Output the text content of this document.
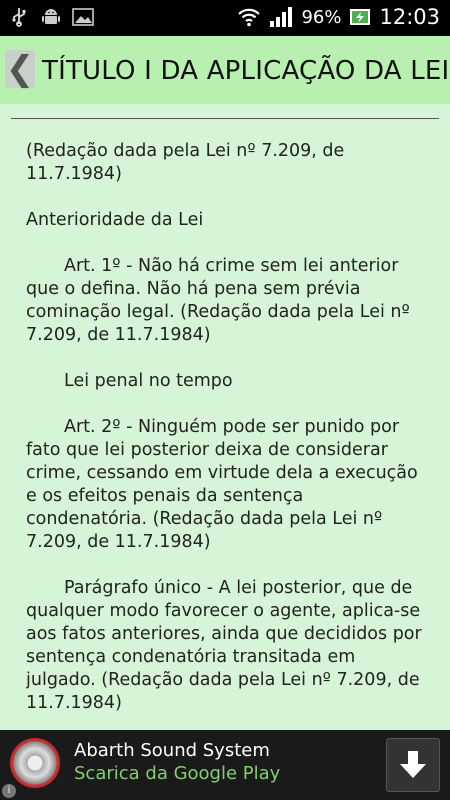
96% 12:03
❮ TÍTULO I DA APLICAÇÃO DA LEI

(Redação dada pela Lei nº 7.209, de 11.7.1984)

Anterioridade da Lei

Art. 1º - Não há crime sem lei anterior que o defina. Não há pena sem prévia cominação legal. (Redação dada pela Lei nº 7.209, de 11.7.1984)

Lei penal no tempo

Art. 2º - Ninguém pode ser punido por fato que lei posterior deixa de considerar crime, cessando em virtude dela a execução e os efeitos penais da sentença condenatória. (Redação dada pela Lei nº 7.209, de 11.7.1984)

Parágrafo único - A lei posterior, que de qualquer modo favorecer o agente, aplica-se aos fatos anteriores, ainda que decididos por sentença condenatória transitada em julgado. (Redação dada pela Lei nº 7.209, de 11.7.1984)

i
Abarth Sound System
Scarica da Google Play
